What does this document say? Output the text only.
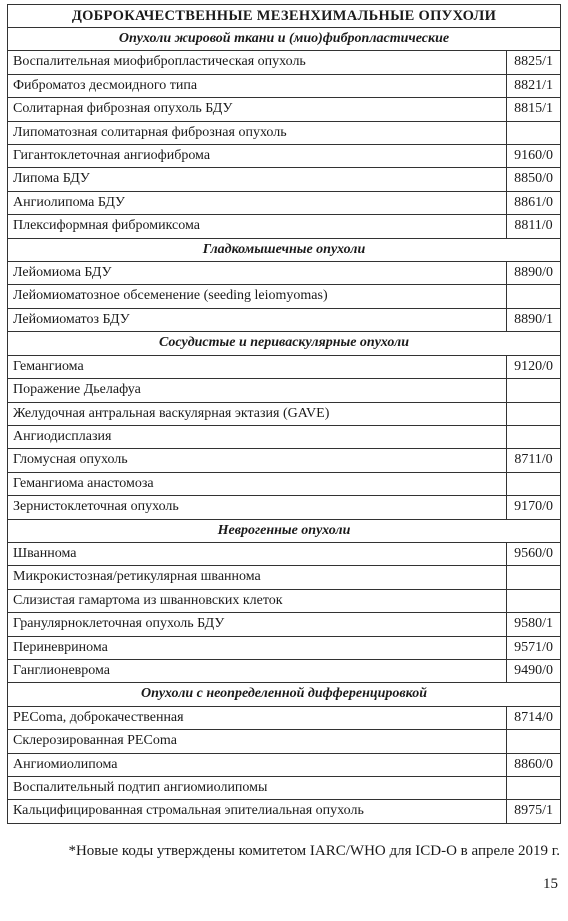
ДОБРОКАЧЕСТВЕННЫЕ МЕЗЕНХИМАЛЬНЫЕ ОПУХОЛИ	
Опухоли жировой ткани и (мио)фибропластические	
Воспалительная миофибропластическая опухоль	8825/1
Фиброматоз десмоидного типа	8821/1
Солитарная фиброзная опухоль БДУ	8815/1
Липоматозная солитарная фиброзная опухоль	
Гигантоклеточная ангиофиброма	9160/0
Липома БДУ	8850/0
Ангиолипома БДУ	8861/0
Плексиформная фибромиксома	8811/0
Гладкомышечные опухоли	
Лейомиома БДУ	8890/0
Лейомиоматозное обсеменение (seeding leiomyomas)	
Лейомиоматоз БДУ	8890/1
Сосудистые и периваскулярные опухоли	
Гемангиома	9120/0
Поражение Дьелафуа	
Желудочная антральная васкулярная эктазия (GAVE)	
Ангиодисплазия	
Гломусная опухоль	8711/0
Гемангиома анастомоза	
Зернистоклеточная опухоль	9170/0
Неврогенные опухоли	
Шваннома	9560/0
Микрокистозная/ретикулярная шваннома	
Слизистая гамартома из шванновских клеток	
Гранулярноклеточная опухоль БДУ	9580/1
Периневринома	9571/0
Ганглионеврома	9490/0
Опухоли с неопределенной дифференцировкой	
PEComa, доброкачественная	8714/0
Склерозированная PEComa	
Ангиомиолипома	8860/0
Воспалительный подтип ангиомиолипомы	
Кальцифицированная стромальная эпителиальная опухоль	8975/1
*Новые коды утверждены комитетом IARC/WHO для ICD-O в апреле 2019 г.
15
